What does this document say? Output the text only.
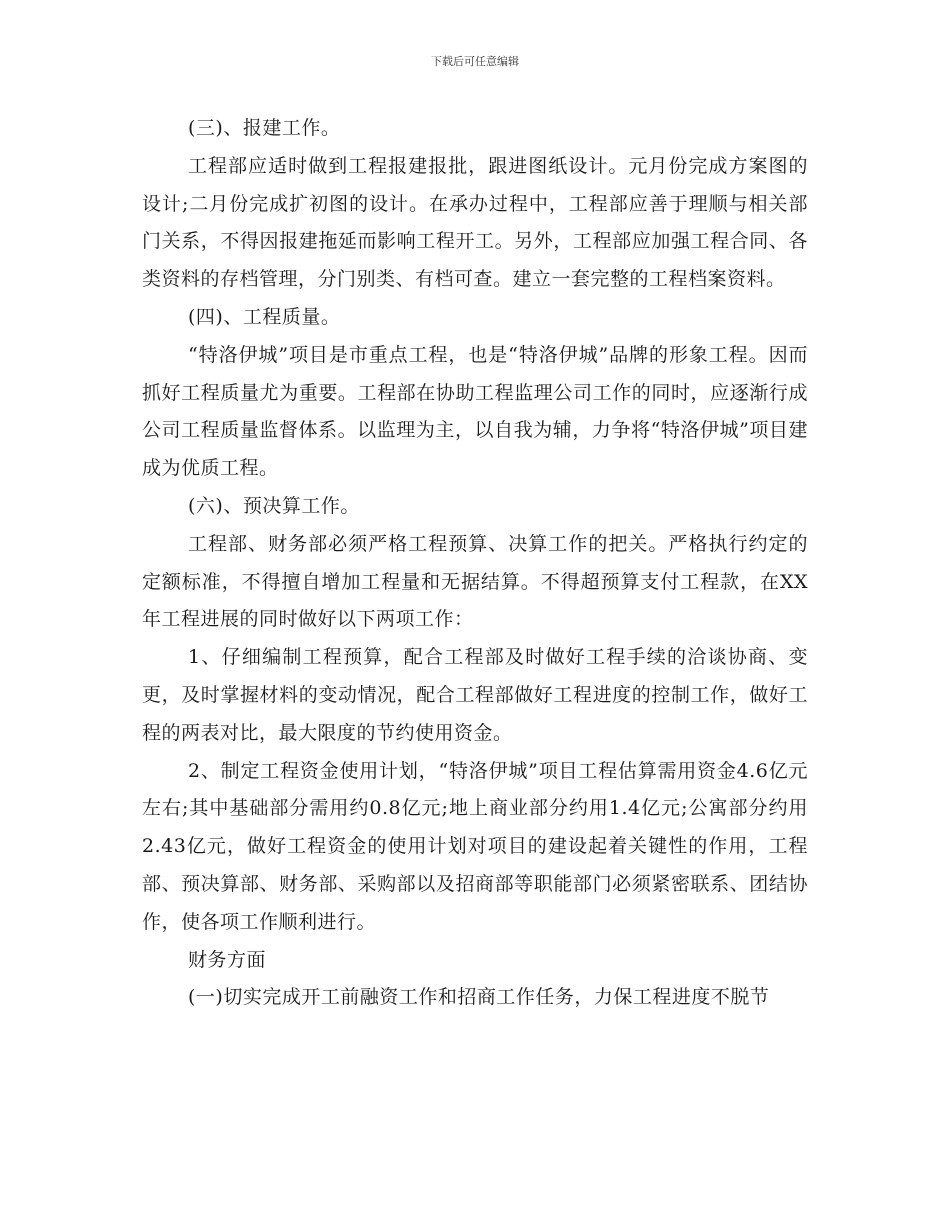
下载后可任意编辑

(三)、报建工作。

工程部应适时做到工程报建报批，跟进图纸设计。元月份完成方案图的设计;二月份完成扩初图的设计。在承办过程中，工程部应善于理顺与相关部门关系，不得因报建拖延而影响工程开工。另外，工程部应加强工程合同、各类资料的存档管理，分门别类、有档可查。建立一套完整的工程档案资料。

(四)、工程质量。

“特洛伊城”项目是市重点工程，也是“特洛伊城”品牌的形象工程。因而抓好工程质量尤为重要。工程部在协助工程监理公司工作的同时，应逐渐行成公司工程质量监督体系。以监理为主，以自我为辅，力争将“特洛伊城”项目建成为优质工程。

(六)、预决算工作。

工程部、财务部必须严格工程预算、决算工作的把关。严格执行约定的定额标准，不得擅自增加工程量和无据结算。不得超预算支付工程款，在XX年工程进展的同时做好以下两项工作：

1、仔细编制工程预算，配合工程部及时做好工程手续的洽谈协商、变更，及时掌握材料的变动情况，配合工程部做好工程进度的控制工作，做好工程的两表对比，最大限度的节约使用资金。

2、制定工程资金使用计划，“特洛伊城”项目工程估算需用资金4.6亿元左右;其中基础部分需用约0.8亿元;地上商业部分约用1.4亿元;公寓部分约用 2.43亿元，做好工程资金的使用计划对项目的建设起着关键性的作用，工程部、预决算部、财务部、采购部以及招商部等职能部门必须紧密联系、团结协作，使各项工作顺利进行。

财务方面

(一)切实完成开工前融资工作和招商工作任务，力保工程进度不脱节
